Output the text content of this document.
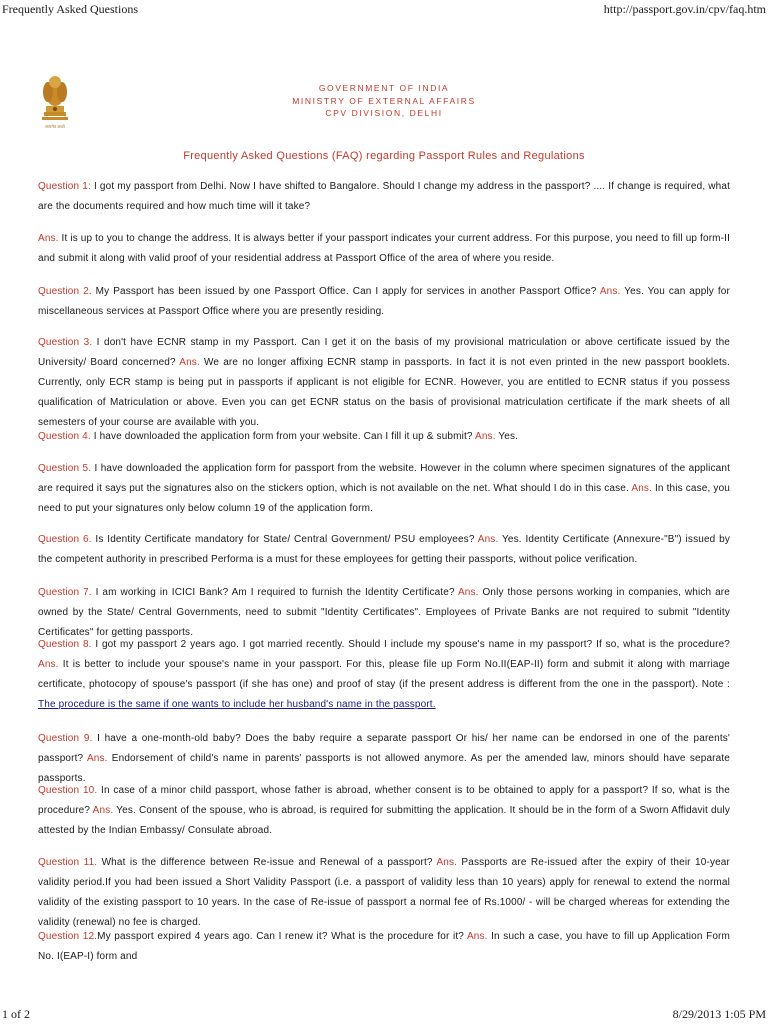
Frequently Asked Questions	http://passport.gov.in/cpv/faq.htm
सत्यमेव जयते
GOVERNMENT OF INDIA
MINISTRY OF EXTERNAL AFFAIRS
CPV DIVISION, DELHI
Frequently Asked Questions (FAQ) regarding Passport Rules and Regulations
Question 1: I got my passport from Delhi. Now I have shifted to Bangalore. Should I change my address in the passport? .... If change is required, what are the documents required and how much time will it take?
Ans. It is up to you to change the address. It is always better if your passport indicates your current address. For this purpose, you need to fill up form-II and submit it along with valid proof of your residential address at Passport Office of the area of where you reside.
Question 2. My Passport has been issued by one Passport Office. Can I apply for services in another Passport Office? Ans. Yes. You can apply for miscellaneous services at Passport Office where you are presently residing.
Question 3. I don't have ECNR stamp in my Passport. Can I get it on the basis of my provisional matriculation or above certificate issued by the University/ Board concerned? Ans. We are no longer affixing ECNR stamp in passports. In fact it is not even printed in the new passport booklets. Currently, only ECR stamp is being put in passports if applicant is not eligible for ECNR. However, you are entitled to ECNR status if you possess qualification of Matriculation or above. Even you can get ECNR status on the basis of provisional matriculation certificate if the mark sheets of all semesters of your course are available with you.
Question 4. I have downloaded the application form from your website. Can I fill it up & submit? Ans. Yes.
Question 5. I have downloaded the application form for passport from the website. However in the column where specimen signatures of the applicant are required it says put the signatures also on the stickers option, which is not available on the net. What should I do in this case. Ans. In this case, you need to put your signatures only below column 19 of the application form.
Question 6. Is Identity Certificate mandatory for State/ Central Government/ PSU employees? Ans. Yes. Identity Certificate (Annexure-"B") issued by the competent authority in prescribed Performa is a must for these employees for getting their passports, without police verification.
Question 7. I am working in ICICI Bank? Am I required to furnish the Identity Certificate? Ans. Only those persons working in companies, which are owned by the State/ Central Governments, need to submit "Identity Certificates". Employees of Private Banks are not required to submit "Identity Certificates" for getting passports.
Question 8. I got my passport 2 years ago. I got married recently. Should I include my spouse's name in my passport? If so, what is the procedure? Ans. It is better to include your spouse's name in your passport. For this, please file up Form No.II(EAP-II) form and submit it along with marriage certificate, photocopy of spouse's passport (if she has one) and proof of stay (if the present address is different from the one in the passport). Note : The procedure is the same if one wants to include her husband's name in the passport.
Question 9. I have a one-month-old baby? Does the baby require a separate passport Or his/ her name can be endorsed in one of the parents' passport? Ans. Endorsement of child's name in parents' passports is not allowed anymore. As per the amended law, minors should have separate passports.
Question 10. In case of a minor child passport, whose father is abroad, whether consent is to be obtained to apply for a passport? If so, what is the procedure? Ans. Yes. Consent of the spouse, who is abroad, is required for submitting the application. It should be in the form of a Sworn Affidavit duly attested by the Indian Embassy/ Consulate abroad.
Question 11. What is the difference between Re-issue and Renewal of a passport? Ans. Passports are Re-issued after the expiry of their 10-year validity period.If you had been issued a Short Validity Passport (i.e. a passport of validity less than 10 years) apply for renewal to extend the normal validity of the existing passport to 10 years. In the case of Re-issue of passport a normal fee of Rs.1000/ - will be charged whereas for extending the validity (renewal) no fee is charged.
Question 12.My passport expired 4 years ago. Can I renew it? What is the procedure for it? Ans. In such a case, you have to fill up Application Form No. I(EAP-I) form and
1 of 2	8/29/2013 1:05 PM
